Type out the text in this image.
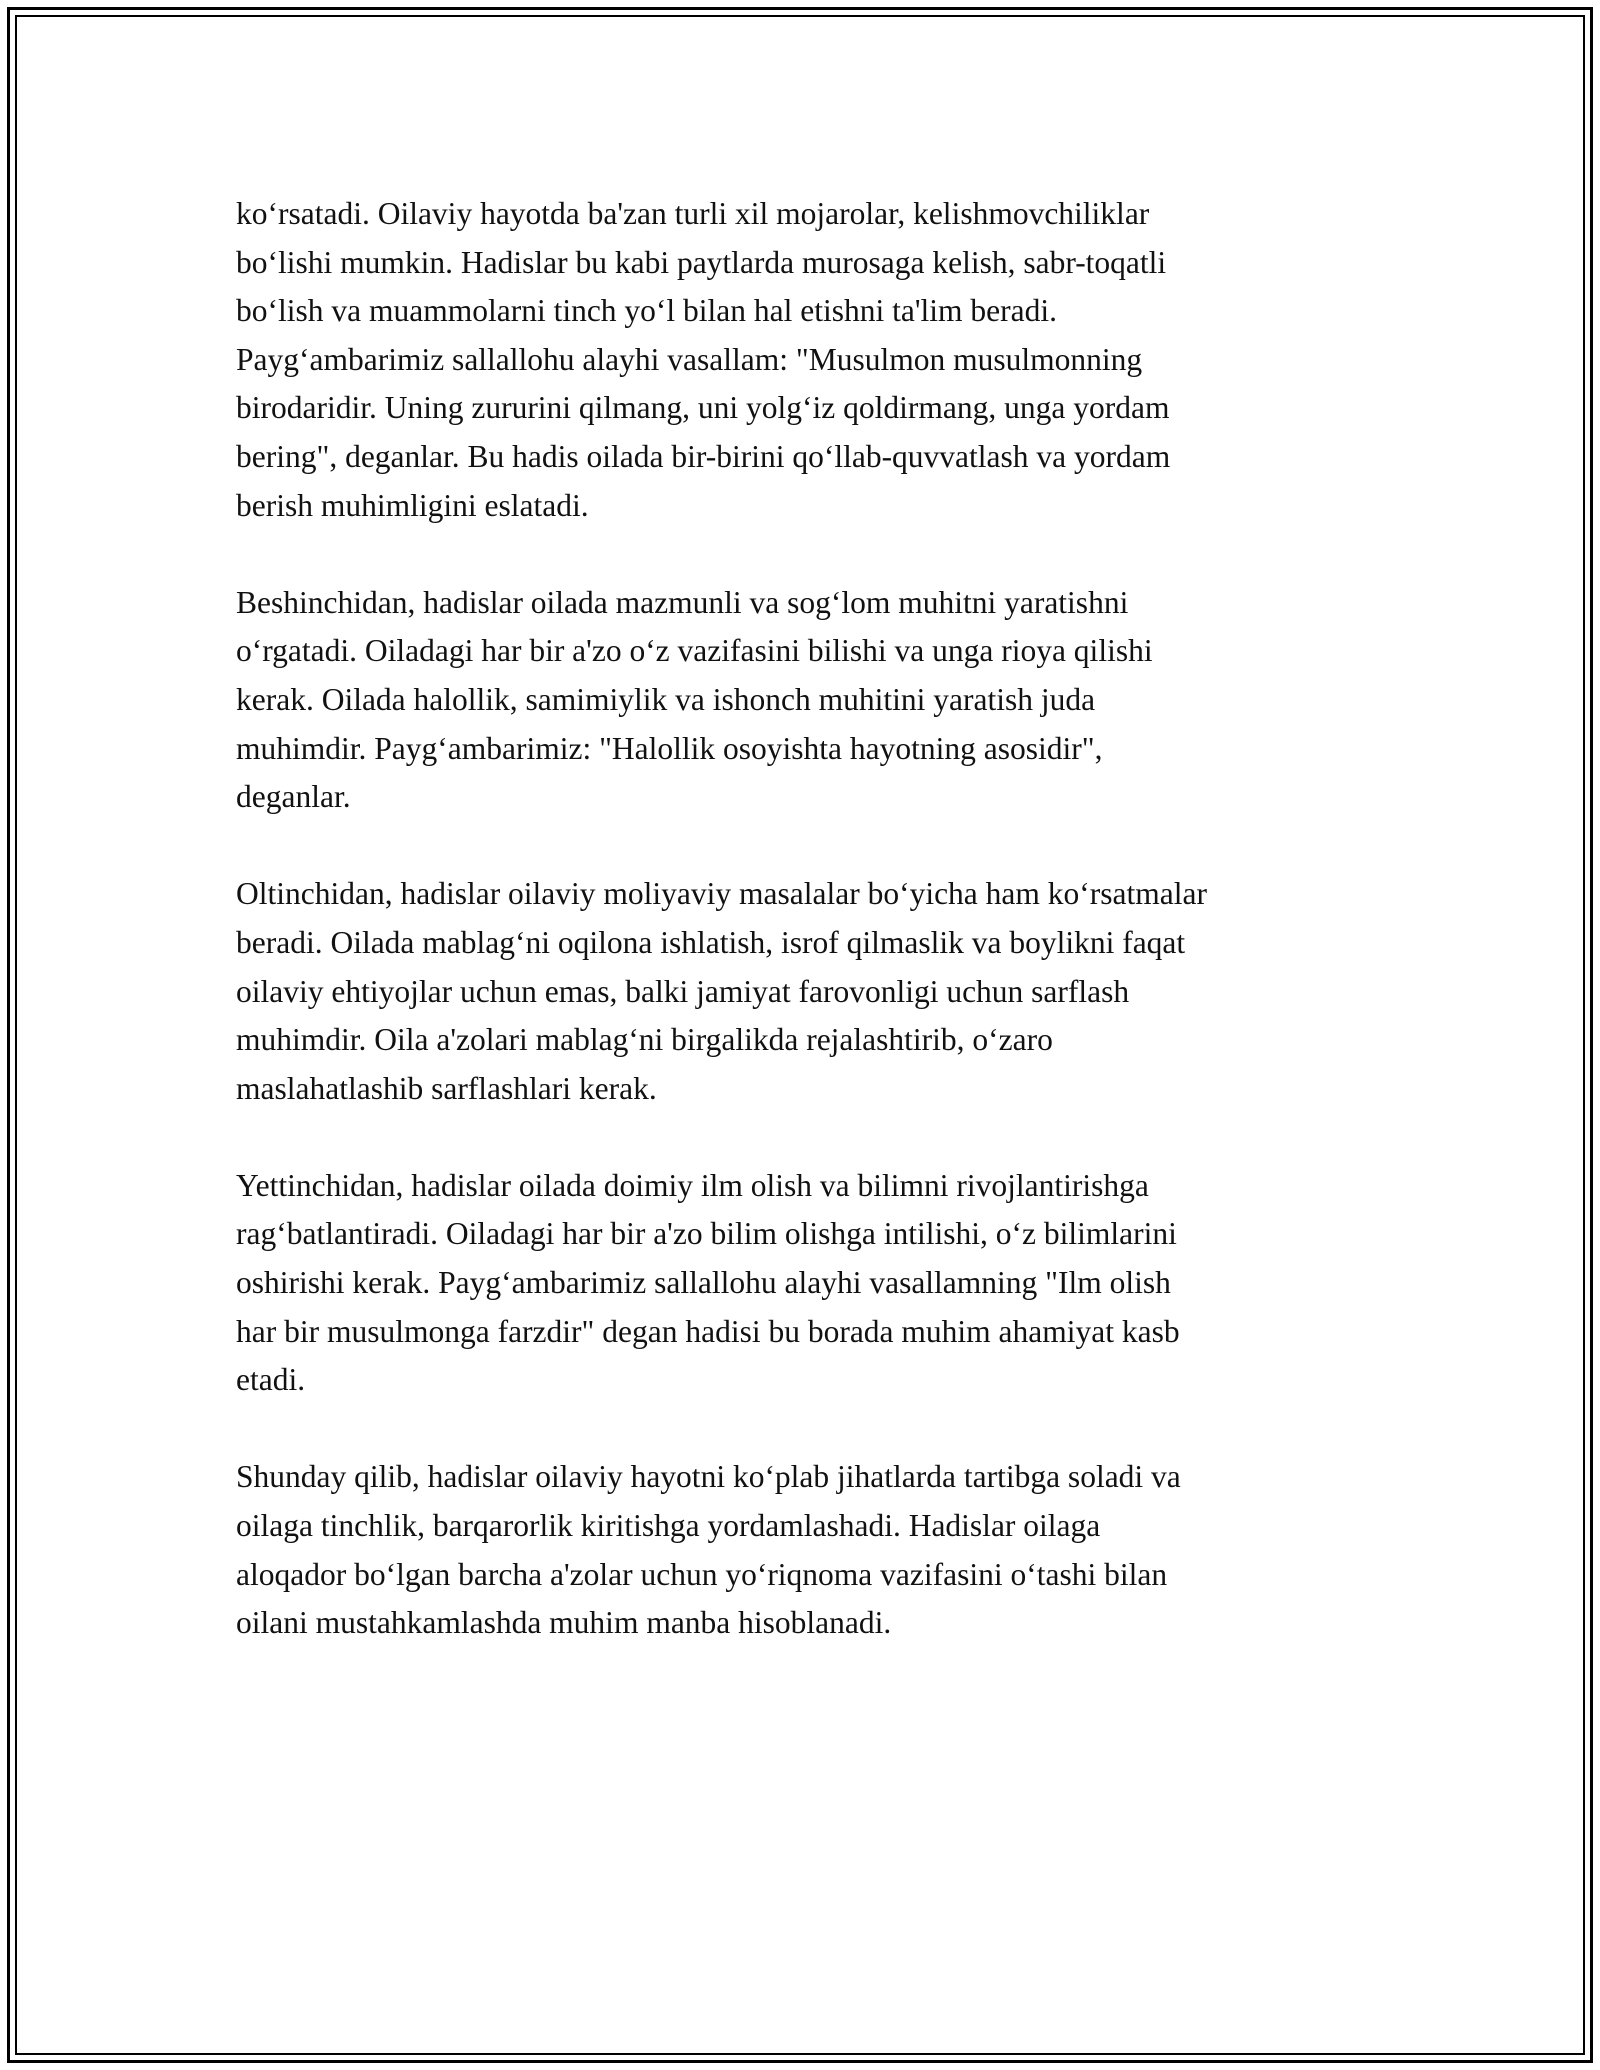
ko‘rsatadi. Oilaviy hayotda ba'zan turli xil mojarolar, kelishmovchiliklar
bo‘lishi mumkin. Hadislar bu kabi paytlarda murosaga kelish, sabr-toqatli
bo‘lish va muammolarni tinch yo‘l bilan hal etishni ta'lim beradi.
Payg‘ambarimiz sallallohu alayhi vasallam: "Musulmon musulmonning
birodaridir. Uning zururini qilmang, uni yolg‘iz qoldirmang, unga yordam
bering", deganlar. Bu hadis oilada bir-birini qo‘llab-quvvatlash va yordam
berish muhimligini eslatadi.

Beshinchidan, hadislar oilada mazmunli va sog‘lom muhitni yaratishni
o‘rgatadi. Oiladagi har bir a'zo o‘z vazifasini bilishi va unga rioya qilishi
kerak. Oilada halollik, samimiylik va ishonch muhitini yaratish juda
muhimdir. Payg‘ambarimiz: "Halollik osoyishta hayotning asosidir",
deganlar.

Oltinchidan, hadislar oilaviy moliyaviy masalalar bo‘yicha ham ko‘rsatmalar
beradi. Oilada mablag‘ni oqilona ishlatish, isrof qilmaslik va boylikni faqat
oilaviy ehtiyojlar uchun emas, balki jamiyat farovonligi uchun sarflash
muhimdir. Oila a'zolari mablag‘ni birgalikda rejalashtirib, o‘zaro
maslahatlashib sarflashlari kerak.

Yettinchidan, hadislar oilada doimiy ilm olish va bilimni rivojlantirishga
rag‘batlantiradi. Oiladagi har bir a'zo bilim olishga intilishi, o‘z bilimlarini
oshirishi kerak. Payg‘ambarimiz sallallohu alayhi vasallamning "Ilm olish
har bir musulmonga farzdir" degan hadisi bu borada muhim ahamiyat kasb
etadi.

Shunday qilib, hadislar oilaviy hayotni ko‘plab jihatlarda tartibga soladi va
oilaga tinchlik, barqarorlik kiritishga yordamlashadi. Hadislar oilaga
aloqador bo‘lgan barcha a'zolar uchun yo‘riqnoma vazifasini o‘tashi bilan
oilani mustahkamlashda muhim manba hisoblanadi.
